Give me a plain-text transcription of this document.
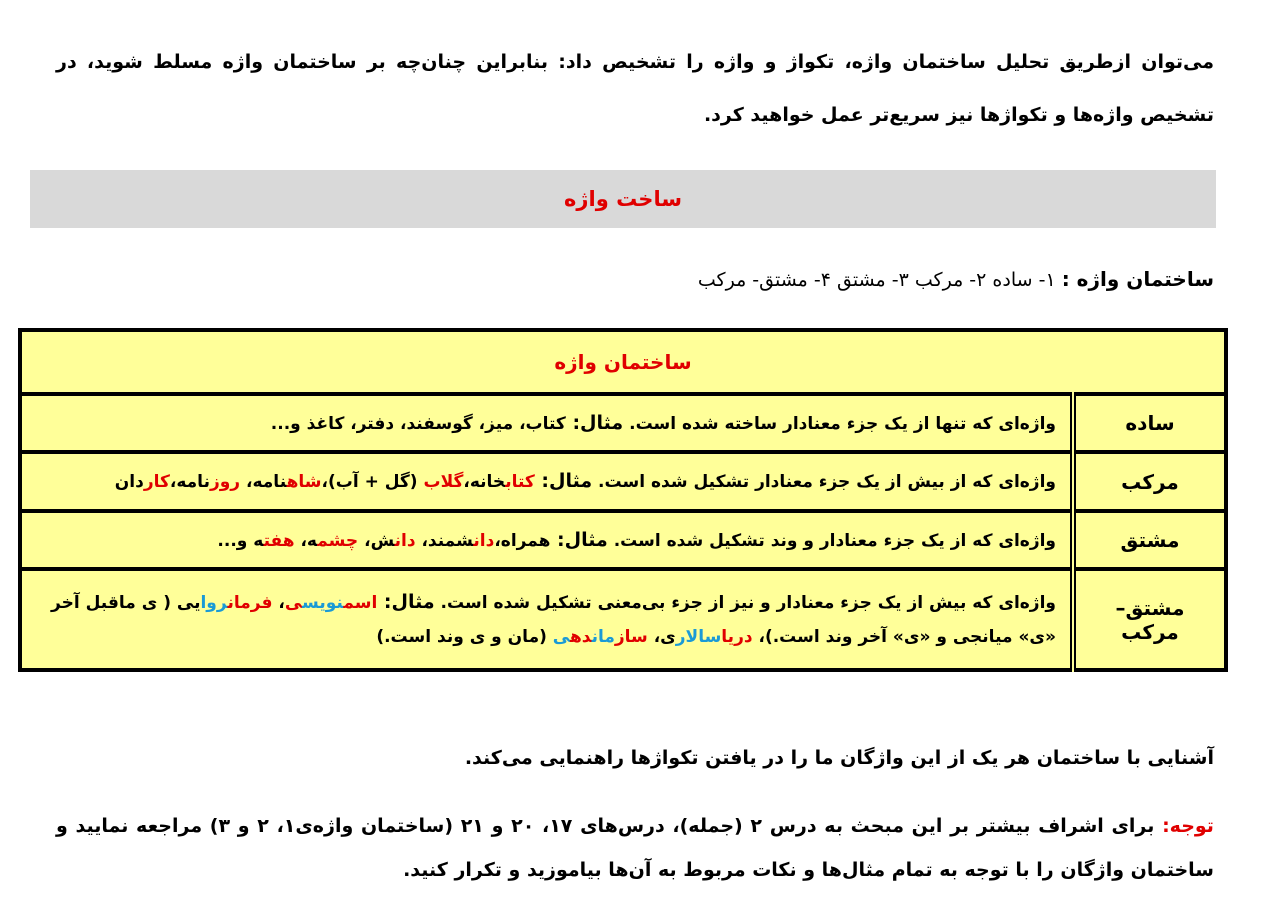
می‌توان ازطریق تحلیل ساختمان واژه، تکواژ و واژه را تشخیص داد: بنابراین چنان‌چه بر ساختمان واژه مسلط شوید، در تشخیص واژه‌ها و تکواژها نیز سریع‌تر عمل خواهید کرد.
ساخت واژه
ساختمان واژه : ۱- ساده ۲- مرکب ۳- مشتق ۴- مشتق- مرکب
ساختمان واژه	
ساده	واژه‌ای که تنها از یک جزء معنادار ساخته شده است. مثال: کتاب، میز، گوسفند، دفتر، کاغذ و...
مرکب	واژه‌ای که از بیش از یک جزء معنادار تشکیل شده است. مثال: کتابخانه،گلاب (گل + آب)،شاهنامه، روزنامه،کاردان
مشتق	واژه‌ای که از یک جزء معنادار و وند تشکیل شده است. مثال: همراه،دانشمند، دانش، چشمه، هفته و...
مشتق–مرکب	واژه‌ای که بیش از یک جزء معنادار و نیز از جزء بی‌معنی تشکیل شده است. مثال: اسمنویسی، فرمانروایی ( ی ماقبل آخر «ی» میانجی و «ی» آخر وند است.)، دریاسالاری، سازماندهی (مان و ی وند است.)
آشنایی با ساختمان هر یک از این واژگان ما را در یافتن تکواژها راهنمایی می‌کند.
توجه: برای اشراف بیشتر بر این مبحث به درس ۲ (جمله)، درس‌های ۱۷، ۲۰ و ۲۱ (ساختمان واژه‌ی۱، ۲ و ۳) مراجعه نمایید و ساختمان واژگان را با توجه به تمام مثال‌ها و نکات مربوط به آن‌ها بیاموزید و تکرار کنید.
